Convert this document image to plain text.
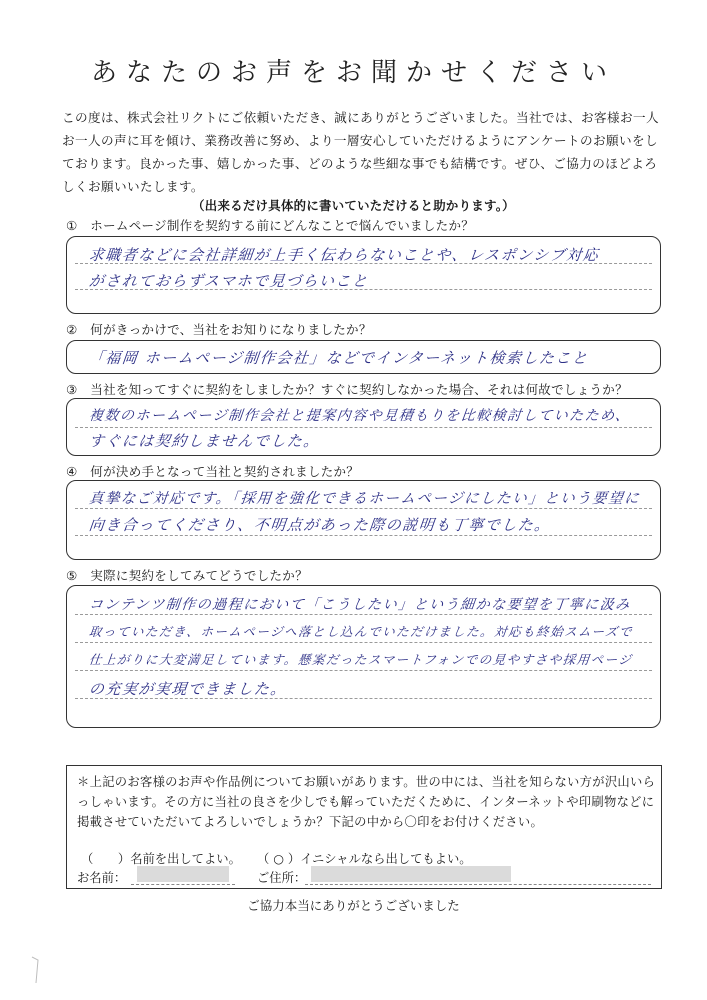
あなたのお声をお聞かせください
この度は、株式会社リクトにご依頼いただき、誠にありがとうございました。当社では、お客様お一人お一人の声に耳を傾け、業務改善に努め、より一層安心していただけるようにアンケートのお願いをしております。良かった事、嬉しかった事、どのような些細な事でも結構です。ぜひ、ご協力のほどよろしくお願いいたします。
（出来るだけ具体的に書いていただけると助かります。）
①　ホームページ制作を契約する前にどんなことで悩んでいましたか？
求職者などに会社詳細が上手く伝わらないことや、レスポンシブ対応
がされておらずスマホで見づらいこと
②　何がきっかけで、当社をお知りになりましたか？
「福岡 ホームページ制作会社」などでインターネット検索したこと
③　当社を知ってすぐに契約をしましたか？すぐに契約しなかった場合、それは何故でしょうか？
複数のホームページ制作会社と提案内容や見積もりを比較検討していたため、
すぐには契約しませんでした。
④　何が決め手となって当社と契約されましたか？
真摯なご対応です。「採用を強化できるホームページにしたい」という要望に
向き合ってくださり、不明点があった際の説明も丁寧でした。
⑤　実際に契約をしてみてどうでしたか？
コンテンツ制作の過程において「こうしたい」という細かな要望を丁寧に汲み
取っていただき、ホームページへ落とし込んでいただけました。対応も終始スムーズで
仕上がりに大変満足しています。懸案だったスマートフォンでの見やすさや採用ページ
の充実が実現できました。
＊上記のお客様のお声や作品例についてお願いがあります。世の中には、当社を知らない方が沢山いらっしゃいます。その方に当社の良さを少しでも解っていただくために、インターネットや印刷物などに掲載させていただいてよろしいでしょうか？下記の中から〇印をお付けください。
（　　）名前を出してよい。 （ ○ ）イニシャルなら出してもよい。
お名前：	ご住所：
ご協力本当にありがとうございました
